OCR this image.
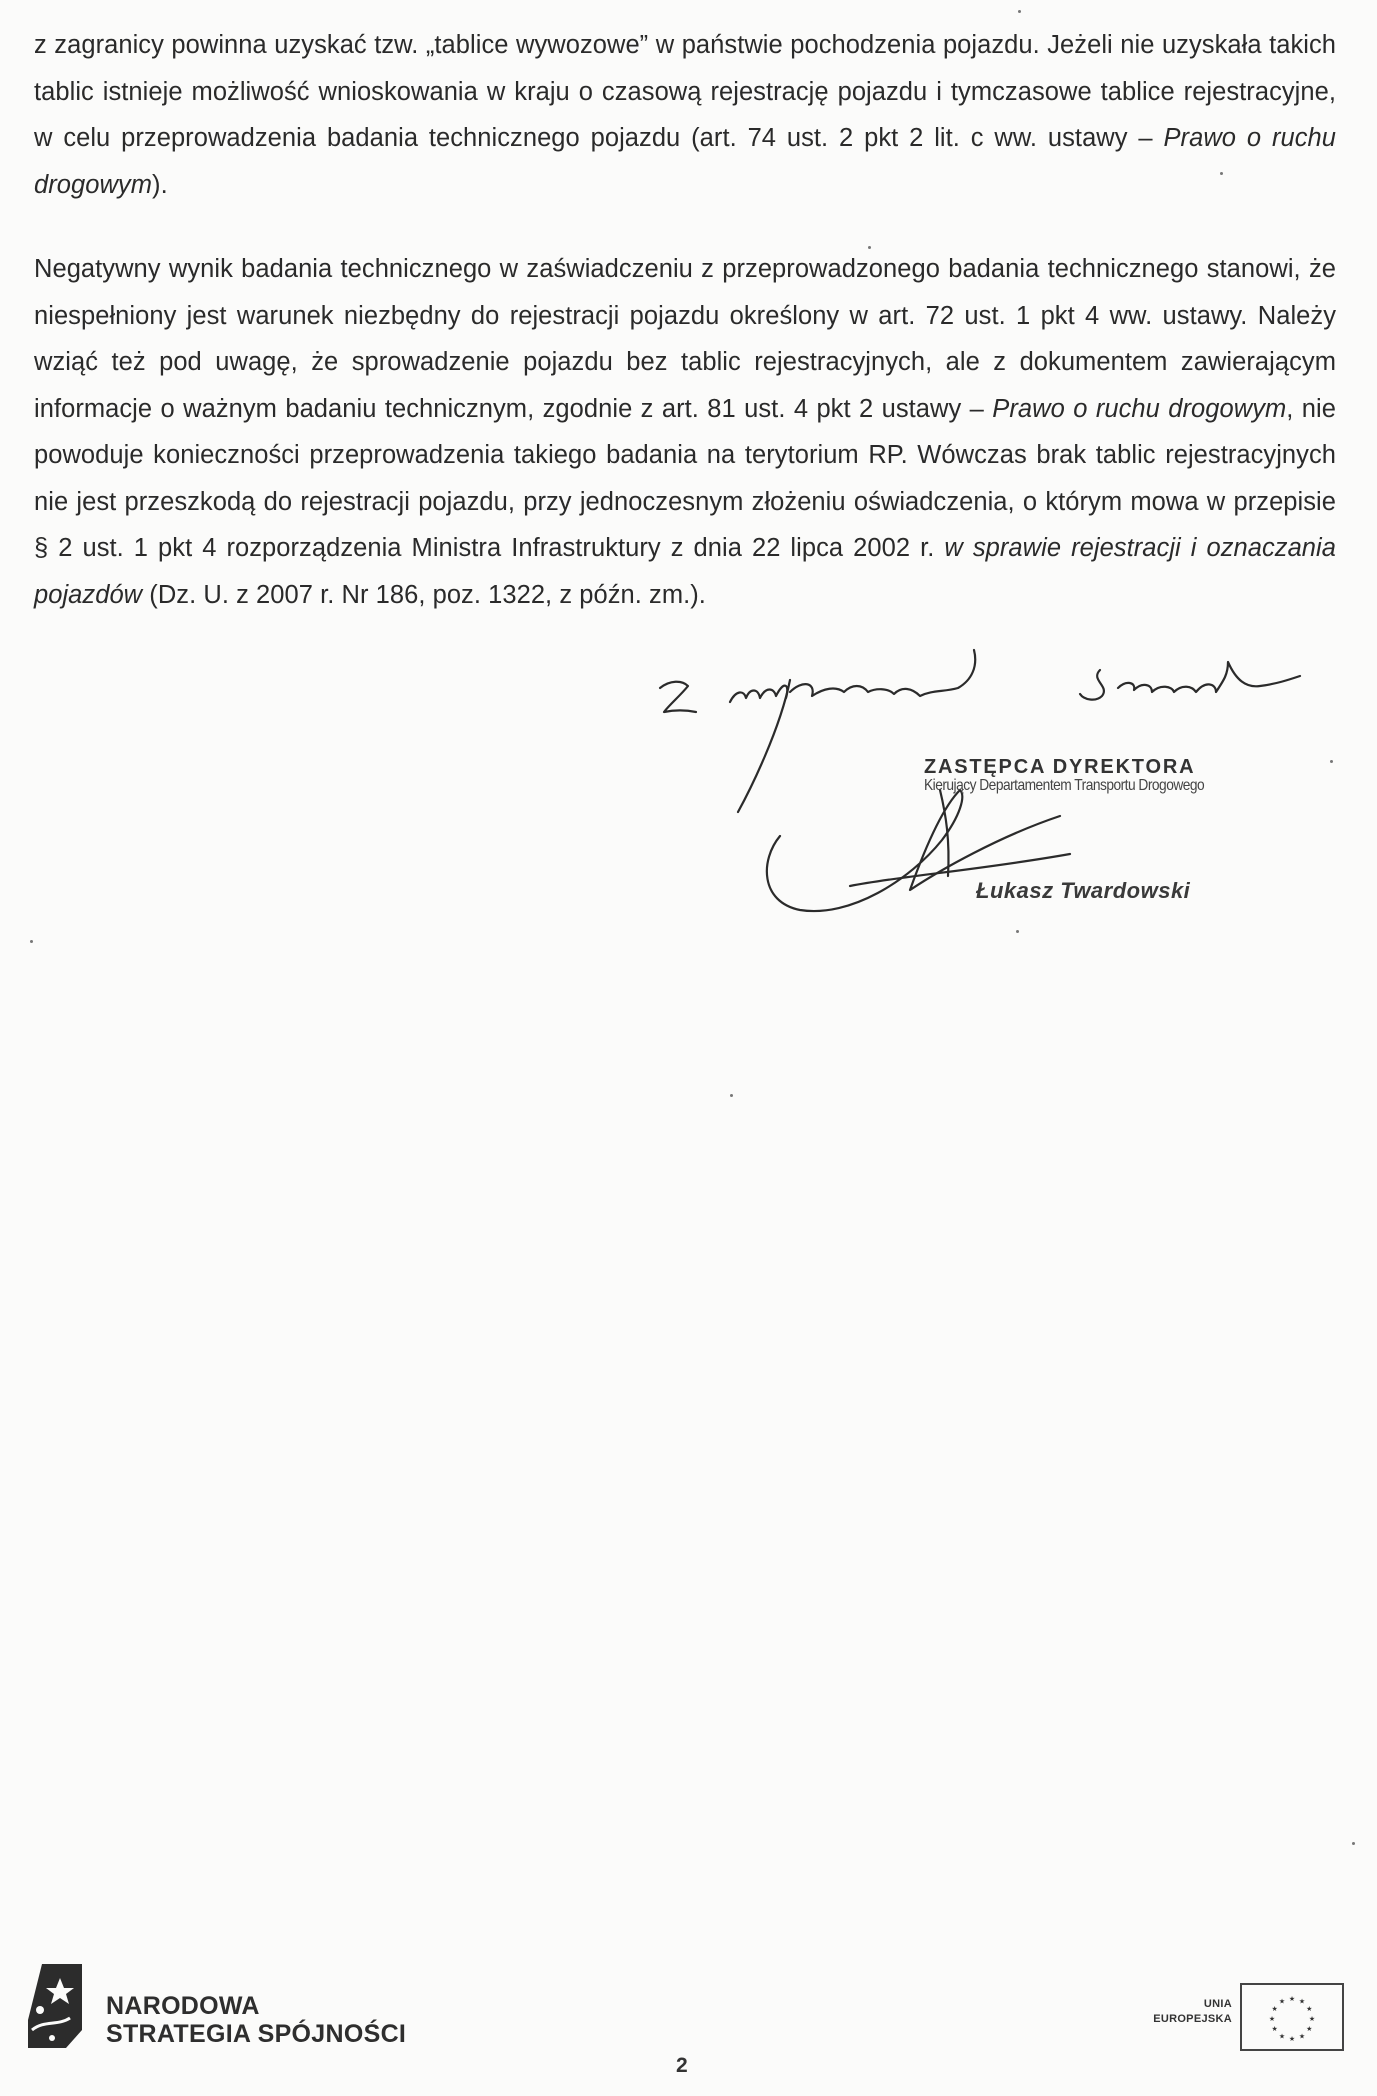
z zagranicy powinna uzyskać tzw. „tablice wywozowe” w państwie pochodzenia pojazdu. Jeżeli nie uzyskała takich tablic istnieje możliwość wnioskowania w kraju o czasową rejestrację pojazdu i tymczasowe tablice rejestracyjne, w celu przeprowadzenia badania technicznego pojazdu (art. 74 ust. 2 pkt 2 lit. c ww. ustawy – Prawo o ruchu drogowym).

Negatywny wynik badania technicznego w zaświadczeniu z przeprowadzonego badania technicznego stanowi, że niespełniony jest warunek niezbędny do rejestracji pojazdu określony w art. 72 ust. 1 pkt 4 ww. ustawy. Należy wziąć też pod uwagę, że sprowadzenie pojazdu bez tablic rejestracyjnych, ale z dokumentem zawierającym informacje o ważnym badaniu technicznym, zgodnie z art. 81 ust. 4 pkt 2 ustawy – Prawo o ruchu drogowym, nie powoduje konieczności przeprowadzenia takiego badania na terytorium RP. Wówczas brak tablic rejestracyjnych nie jest przeszkodą do rejestracji pojazdu, przy jednoczesnym złożeniu oświadczenia, o którym mowa w przepisie § 2 ust. 1 pkt 4 rozporządzenia Ministra Infrastruktury z dnia 22 lipca 2002 r. w sprawie rejestracji i oznaczania pojazdów (Dz. U. z 2007 r. Nr 186, poz. 1322, z późn. zm.).

ZASTĘPCA DYREKTORA
Kierujący Departamentem Transportu Drogowego
Łukasz Twardowski
NARODOWA
STRATEGIA SPÓJNOŚCI
UNIA
EUROPEJSKA	★
★
★
★
★
★
★
★
★ ★ ★
★
2
